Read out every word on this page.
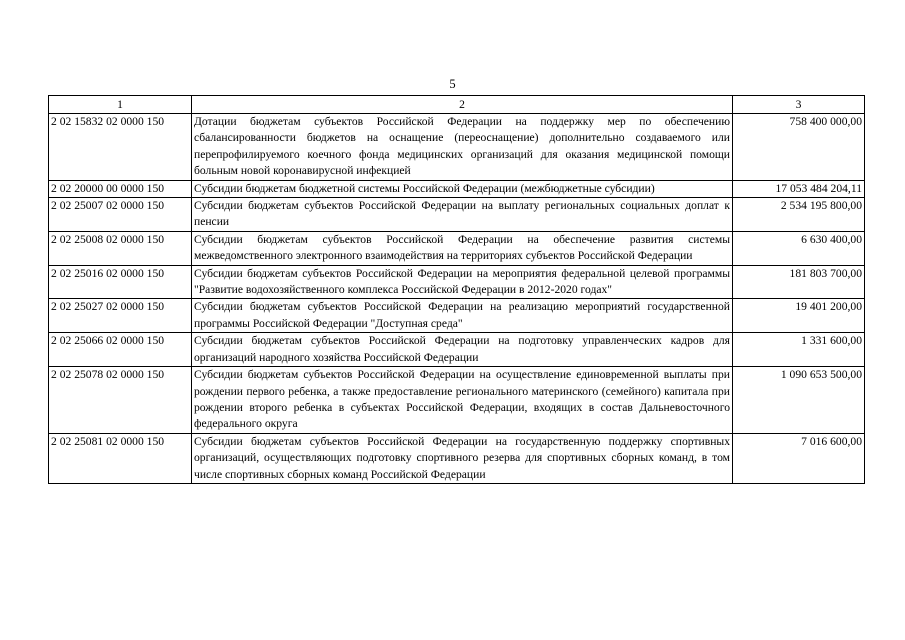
5
1	2	3
2 02 15832 02 0000 150	Дотации бюджетам субъектов Российской Федерации на поддержку мер по обеспечению сбалансированности бюджетов на оснащение (переоснащение) дополнительно создаваемого или перепрофилируемого коечного фонда медицинских организаций для оказания медицинской помощи больным новой коронавирусной инфекцией	758 400 000,00
2 02 20000 00 0000 150	Субсидии бюджетам бюджетной системы Российской Федерации (межбюджетные субсидии)	17 053 484 204,11
2 02 25007 02 0000 150	Субсидии бюджетам субъектов Российской Федерации на выплату региональных социальных доплат к пенсии	2 534 195 800,00
2 02 25008 02 0000 150	Субсидии бюджетам субъектов Российской Федерации на обеспечение развития системы межведомственного электронного взаимодействия на территориях субъектов Российской Федерации	6 630 400,00
2 02 25016 02 0000 150	Субсидии бюджетам субъектов Российской Федерации на мероприятия федеральной целевой программы "Развитие водохозяйственного комплекса Российской Федерации в 2012-2020 годах"	181 803 700,00
2 02 25027 02 0000 150	Субсидии бюджетам субъектов Российской Федерации на реализацию мероприятий государственной программы Российской Федерации "Доступная среда"	19 401 200,00
2 02 25066 02 0000 150	Субсидии бюджетам субъектов Российской Федерации на подготовку управленческих кадров для организаций народного хозяйства Российской Федерации	1 331 600,00
2 02 25078 02 0000 150	Субсидии бюджетам субъектов Российской Федерации на осуществление единовременной выплаты при рождении первого ребенка, а также предоставление регионального материнского (семейного) капитала при рождении второго ребенка в субъектах Российской Федерации, входящих в состав Дальневосточного федерального округа	1 090 653 500,00
2 02 25081 02 0000 150	Субсидии бюджетам субъектов Российской Федерации на государственную поддержку спортивных организаций, осуществляющих подготовку спортивного резерва для спортивных сборных команд, в том числе спортивных сборных команд Российской Федерации	7 016 600,00
